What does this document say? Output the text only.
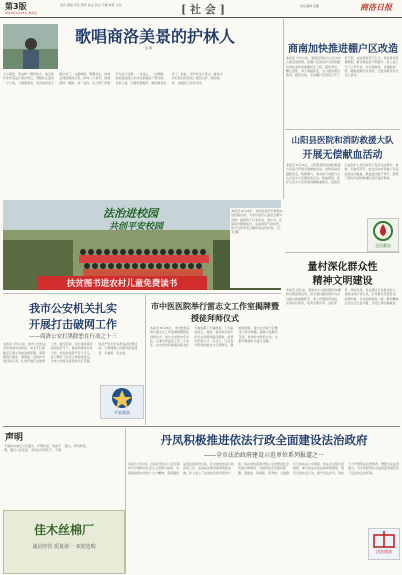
第3版
2019年6月28日 星期五
首页 商洛 县区 教育 政法 民生 专题 体育 文化	[ 社 会 ]	责任编辑 张鹏	商洛日报
歌唱商洛美景的护林人
张 辉
大山深处，有这样一群护林人，他们常年守护着这片绿水青山，用脚步丈量每一寸土地。天刚蒙蒙亮，老张就背着干粮出发了，山路崎岖，荆棘丛生，他却走得稳健而从容。护林二十余年，他熟悉每一棵树、每一条沟，也习惯了用歌声为自己壮胆。一边巡山，一边唱歌，他把商洛的山水风光都编进了歌词里。村里人说，只要听到歌声，就知道老张来了。他说，守护好这片青山，就是守护好我们的家园，唱给山听，唱给树听，也唱给子孙后代听。
商南加快推进棚户区改造
本报讯 今年以来，商南县坚持以人民为中心的发展思想，把棚户区改造作为改善群众居住条件的重要民生工程，强化领导，精心组织，多方筹措资金，全力推进项目建设。截至目前，全县棚户区改造已开工若干套，完成投资若干亿元，项目建设进展顺利，群众满意度不断提升。县上成立专门工作专班，实行周督查、月通报制度，确保按期交付使用，让更多群众早日住上新房。
山阳县医院和消防救援大队
开展无偿献血活动
本报讯 6月25日，山阳县医院和消防救援大队联合开展无偿献血活动，消防指战员踊跃报名，积极参与，用实际行动践行全心全意为人民服务的宗旨。献血现场，医护人员为大家详细讲解献血知识，指战员们在医护人员的指导下有序完成登记、体检、采血等环节。此次活动共有数十名指战员成功献血，献血量达数千毫升，展现了新时代消防救援队伍的良好形象。
全民献血
法治进校园
共创平安校园
扶贫图书进农村儿童免费读书
本报讯 6月26日，商州区组织开展图书进校园活动，为农村留守儿童送去课外读物，鼓励孩子们多读书、读好书，在阅读中健康成长。活动现场气氛热烈，孩子们纷纷表示要珍惜这份礼物。（记者 摄）
量村深化群众性
精神文明建设
本报讯 近年来，商洛市大力推进群众性精神文明创建活动，把文明村镇创建作为乡村振兴的重要抓手，深入开展移风易俗，弘扬时代新风，培育文明乡风、良好家风、淳朴民风。各村通过评选身边好人、星级文明户等方式，引导群众见贤思齐，崇德向善，乡村面貌焕然一新，群众精神文化生活日益丰富，文明之风吹遍城乡。
我市公安机关扎实
开展打击破网工作
——商洛公安打黑除恶在行动之十三
本报讯 今年以来，我市公安机关坚决贯彻中央和省、市关于扫黑除恶专项斗争的决策部署，紧紧围绕打黑恶、破网络、挖保护伞的目标任务，扎实开展打击破网工作。截至目前，共打掉涉黑涉恶团伙若干个，破获刑事案件若干起，查扣涉案资产若干万元，有力维护了社会大局持续稳定。全市公安机关将坚持以打开路，依法严厉打击各类违法犯罪活动，不断增强人民群众的获得感、幸福感、安全感。
平安商洛
市中医医院举行雷志文工作室揭牌暨授徒拜师仪式
本报讯 6月26日，市中医医院举行雷志文工作室揭牌暨授徒拜师仪式。雷志文是我市名中医，从事中医临床工作三十余年，在中医内科疑难杂症治疗方面积累了丰富经验。工作室的成立，将进一步传承名老中医学术思想和临床经验，培养中医药人才。仪式上，几名青年医师向雷志文行拜师礼，敬献拜师茶，雷志文为弟子们赠送了医学典籍，勉励大家勤学苦练，传承好中医药文化，为群众健康作出更大贡献。
声明
不慎将本单位公章遗失，声明作废。特此声明。遗失人张某某，身份证号码若干，不慎遗失，声明作废。
佳木丝棉厂
诚信经营 质量第一 欢迎选购
丹凤积极推进依法行政全面建设法治政府
——全市法治政府建设示范单位系列报道之一
本报讯 近年来，丹凤县坚持以习近平新时代中国特色社会主义思想为指导，全面贯彻落实党的十九大精神，紧紧围绕法治政府建设目标，扎实推进依法行政各项工作，法治政府建设取得明显成效。县上成立了法治政府建设领导小组，将法治政府建设纳入全县经济社会发展总体规划，与经济社会发展同部署、同推进、同督促、同考核。全面推行行政执法公示制度、执法全过程记录制度、重大执法决定法制审核制度，规范行政执法行为，提升执法水平。同时大力开展普法宣传教育，增强全民法治观念，为全县经济社会高质量发展营造了良好的法治环境。
法治商洛
